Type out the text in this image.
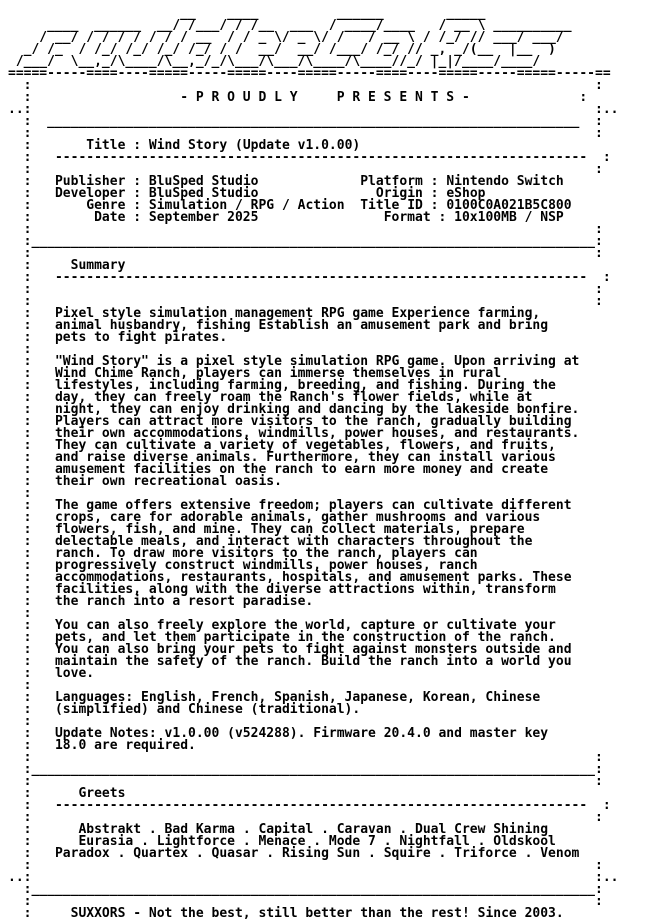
__    ____          ______        _____
____  ______  __/ /___/ / /__  ___  / ____/____   / __ \ __________
/ __/ / / / / / / / __  / / _ \/ _ \/ /   / __ \ / /_/ // ___/ ___/
_/ /_  / /_/ /_/ /_/ /_/ / /  __/  __/ /___/ /_/ // _, _/(__  |__  )
/___/  \__,_/\____/\__,_/_/\___/\___/\____/\____//_/ |_|/____/____/
=====-----====----=====-----=====----=====-----====----=====-----=====-----==
:                                                                        :
:                   - P R O U D L Y     P R E S E N T S -              :
..:                                                                        :..
:  ____________________________________________________________________  :
:                                                                        :
:       Title : Wind Story (Update v1.0.00)
:   --------------------------------------------------------------------  :
:                                                                        :
:   Publisher : BluSped Studio	Platform : Nintendo Switch
:   Developer : BluSped Studio	Origin : eShop
:       Genre : Simulation / RPG / Action Title ID : 0100C0A021B5C800
:        Date : September 2025	Format : 10x100MB / NSP
:                                                                        :
:________________________________________________________________________:
:                                                                        :
:     Summary
:   --------------------------------------------------------------------  :
:                                                                        :
:                                                                        :
:   Pixel style simulation management RPG game Experience farming,
:   animal husbandry, fishing Establish an amusement park and bring
:   pets to fight pirates.
:
:   "Wind Story" is a pixel style simulation RPG game. Upon arriving at
:   Wind Chime Ranch, players can immerse themselves in rural
:   lifestyles, including farming, breeding, and fishing. During the
:   day, they can freely roam the Ranch's flower fields, while at
:   night, they can enjoy drinking and dancing by the lakeside bonfire.
:   Players can attract more visitors to the ranch, gradually building
:   their own accommodations, windmills, power houses, and restaurants.
:   They can cultivate a variety of vegetables, flowers, and fruits,
:   and raise diverse animals. Furthermore, they can install various
:   amusement facilities on the ranch to earn more money and create
:   their own recreational oasis.
:
:   The game offers extensive freedom; players can cultivate different
:   crops, care for adorable animals, gather mushrooms and various
:   flowers, fish, and mine. They can collect materials, prepare
:   delectable meals, and interact with characters throughout the
:   ranch. To draw more visitors to the ranch, players can
:   progressively construct windmills, power houses, ranch
:   accommodations, restaurants, hospitals, and amusement parks. These
:   facilities, along with the diverse attractions within, transform
:   the ranch into a resort paradise.
:
:   You can also freely explore the world, capture or cultivate your
:   pets, and let them participate in the construction of the ranch.
:   You can also bring your pets to fight against monsters outside and
:   maintain the safety of the ranch. Build the ranch into a world you
:   love.
:
:   Languages: English, French, Spanish, Japanese, Korean, Chinese
:   (simplified) and Chinese (traditional).
:
:   Update Notes: v1.0.00 (v524288). Firmware 20.4.0 and master key
:   18.0 are required.
:                                                                        :
:________________________________________________________________________:
:                                                                        :
:      Greets
:   --------------------------------------------------------------------  :
:                                                                        :
:      Abstrakt . Bad Karma . Capital . Caravan . Dual Crew Shining
:      Eurasia . Lightforce . Menace . Mode 7 . Nightfall . Oldskool
:   Paradox . Quartex . Quasar . Rising Sun . Squire . Triforce . Venom
:                                                                        :
..:                                                                        :..
:________________________________________________________________________:
:                                                                        :
:     SUXXORS - Not the best, still better than the rest! Since 2003.
